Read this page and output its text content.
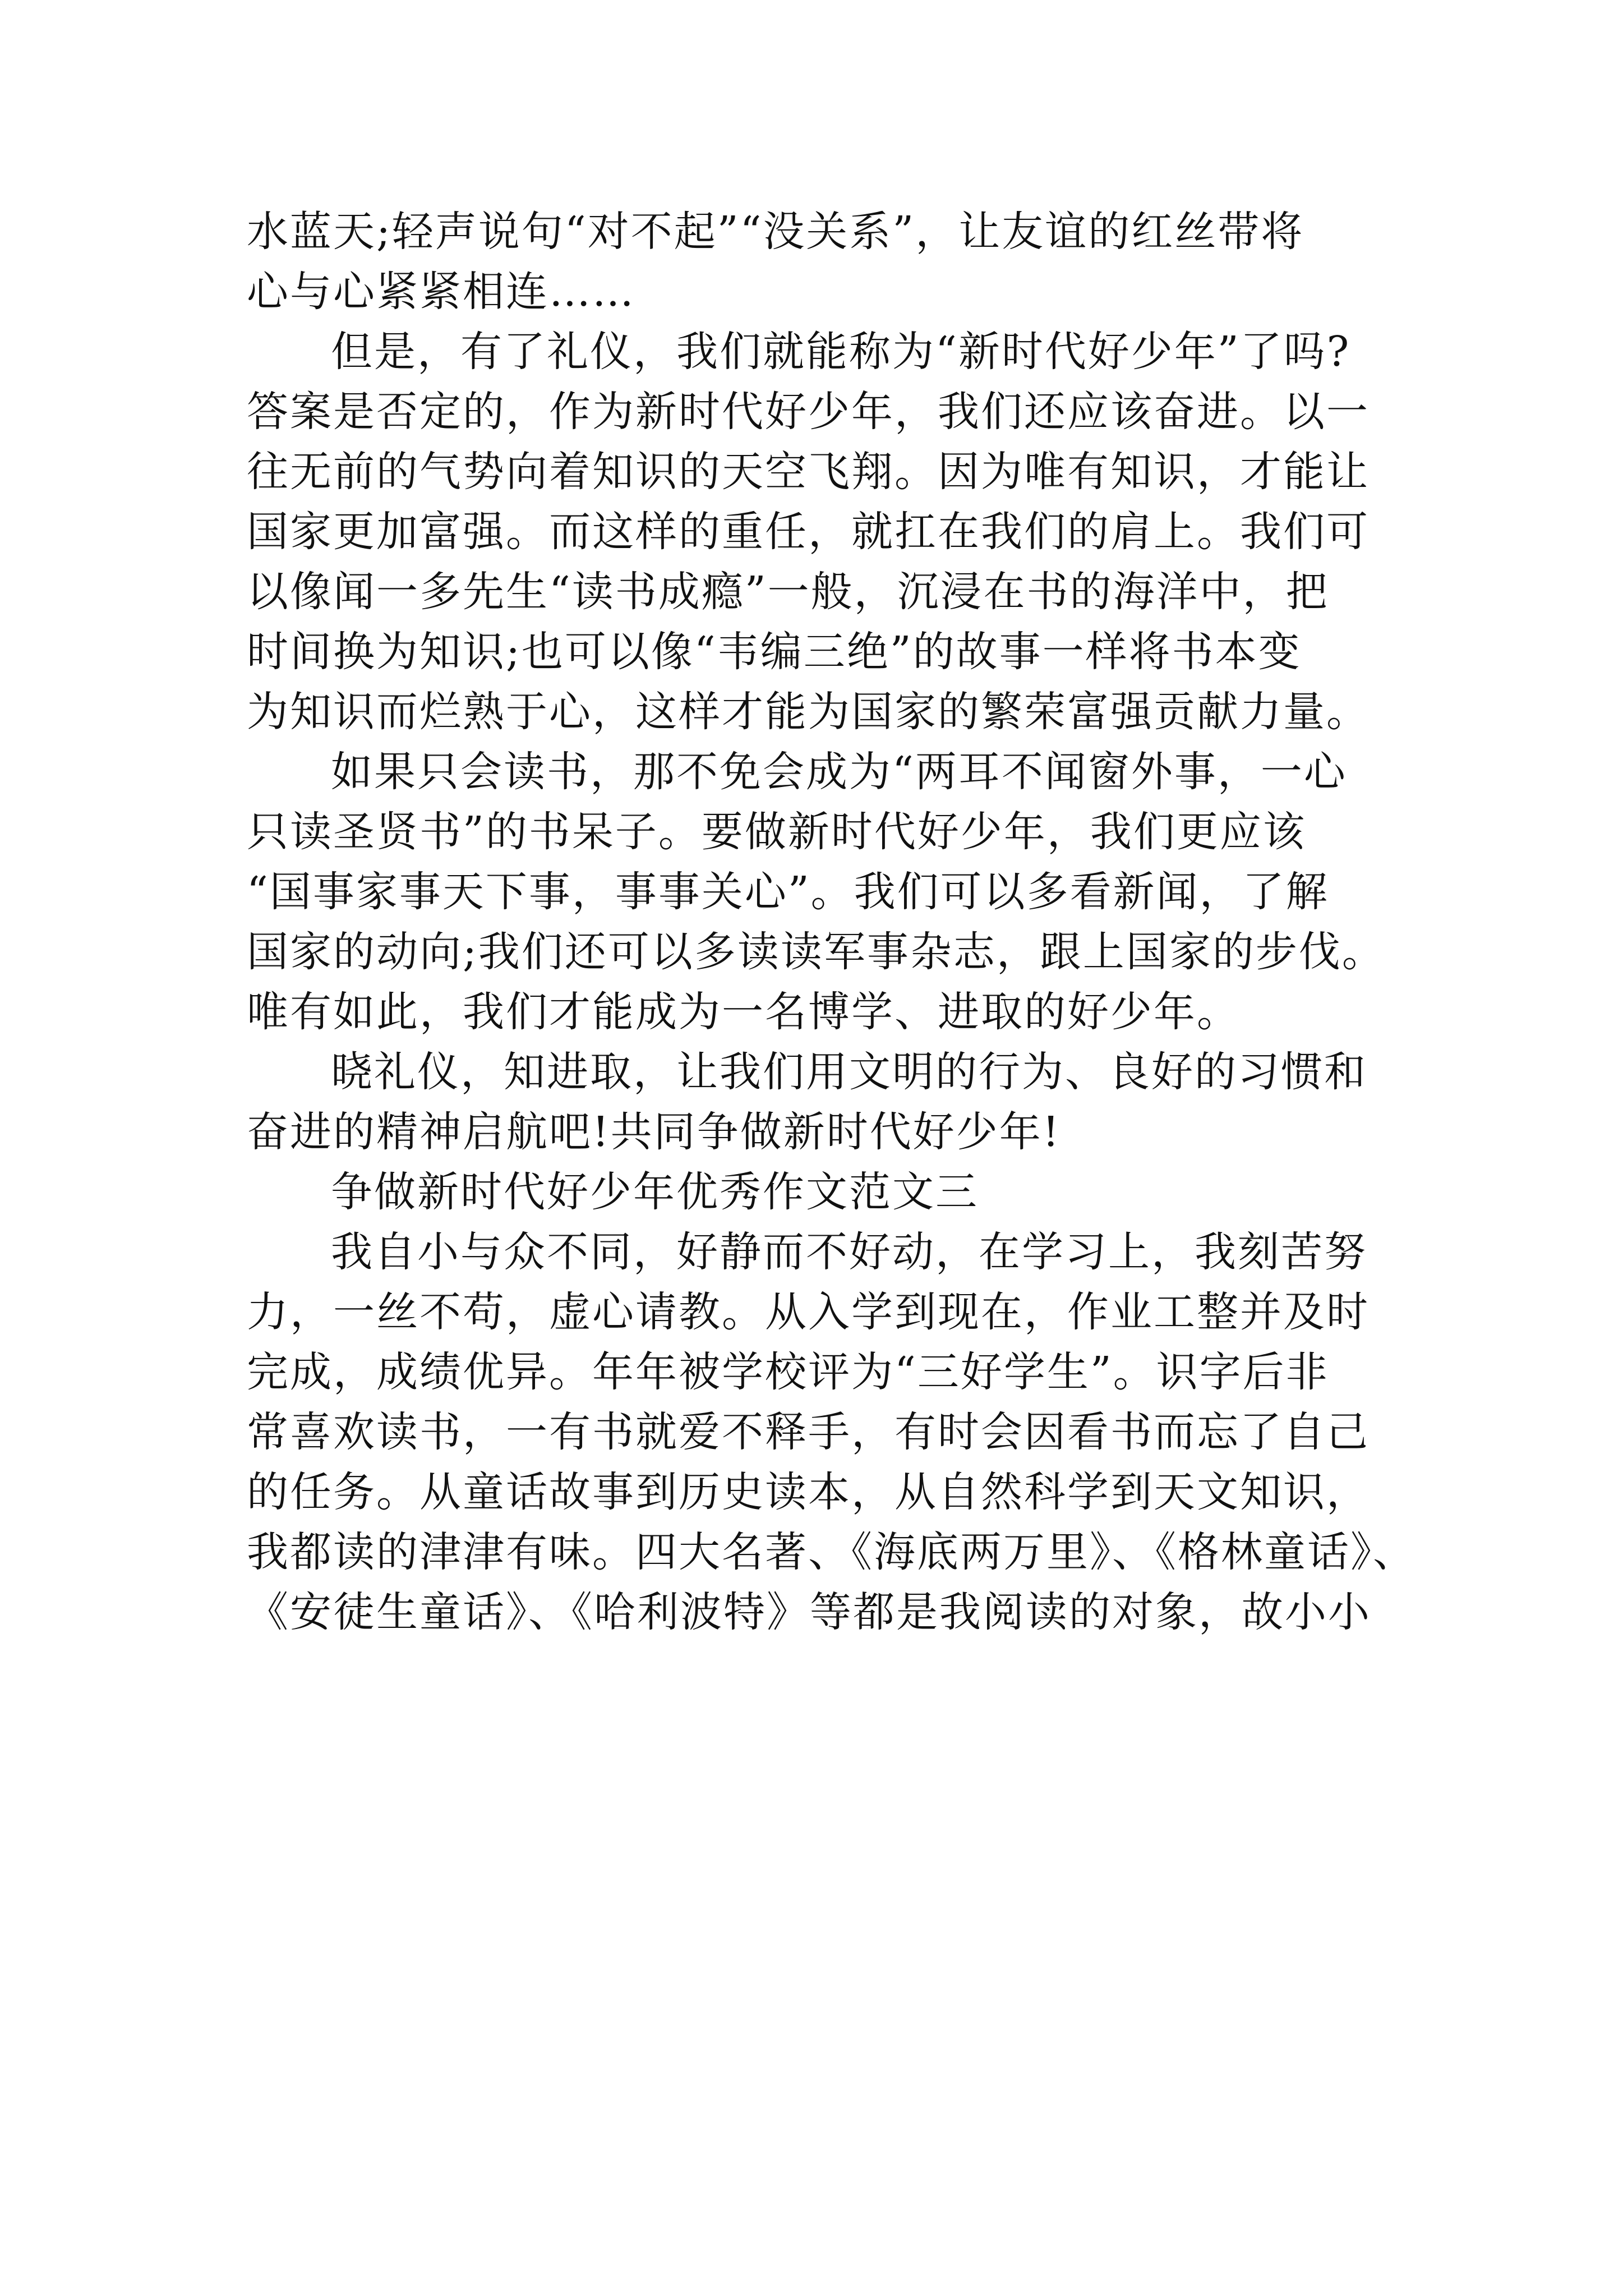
水蓝天;轻声说句“对不起”“没关系”，让友谊的红丝带将
心与心紧紧相连……
但是，有了礼仪，我们就能称为“新时代好少年”了吗?
答案是否定的，作为新时代好少年，我们还应该奋进。以一
往无前的气势向着知识的天空飞翔。因为唯有知识，才能让
国家更加富强。而这样的重任，就扛在我们的肩上。我们可
以像闻一多先生“读书成瘾”一般，沉浸在书的海洋中，把
时间换为知识;也可以像“韦编三绝”的故事一样将书本变
为知识而烂熟于心，这样才能为国家的繁荣富强贡献力量。
如果只会读书，那不免会成为“两耳不闻窗外事，一心
只读圣贤书”的书呆子。要做新时代好少年，我们更应该
“国事家事天下事，事事关心”。我们可以多看新闻，了解
国家的动向;我们还可以多读读军事杂志，跟上国家的步伐。
唯有如此，我们才能成为一名博学、进取的好少年。
晓礼仪，知进取，让我们用文明的行为、良好的习惯和
奋进的精神启航吧!共同争做新时代好少年!
争做新时代好少年优秀作文范文三
我自小与众不同，好静而不好动，在学习上，我刻苦努
力，一丝不苟，虚心请教。从入学到现在，作业工整并及时
完成，成绩优异。年年被学校评为“三好学生”。识字后非
常喜欢读书，一有书就爱不释手，有时会因看书而忘了自己
的任务。从童话故事到历史读本，从自然科学到天文知识，
我都读的津津有味。四大名著、《海底两万里》、《格林童话》、
《安徒生童话》、《哈利波特》等都是我阅读的对象，故小小
